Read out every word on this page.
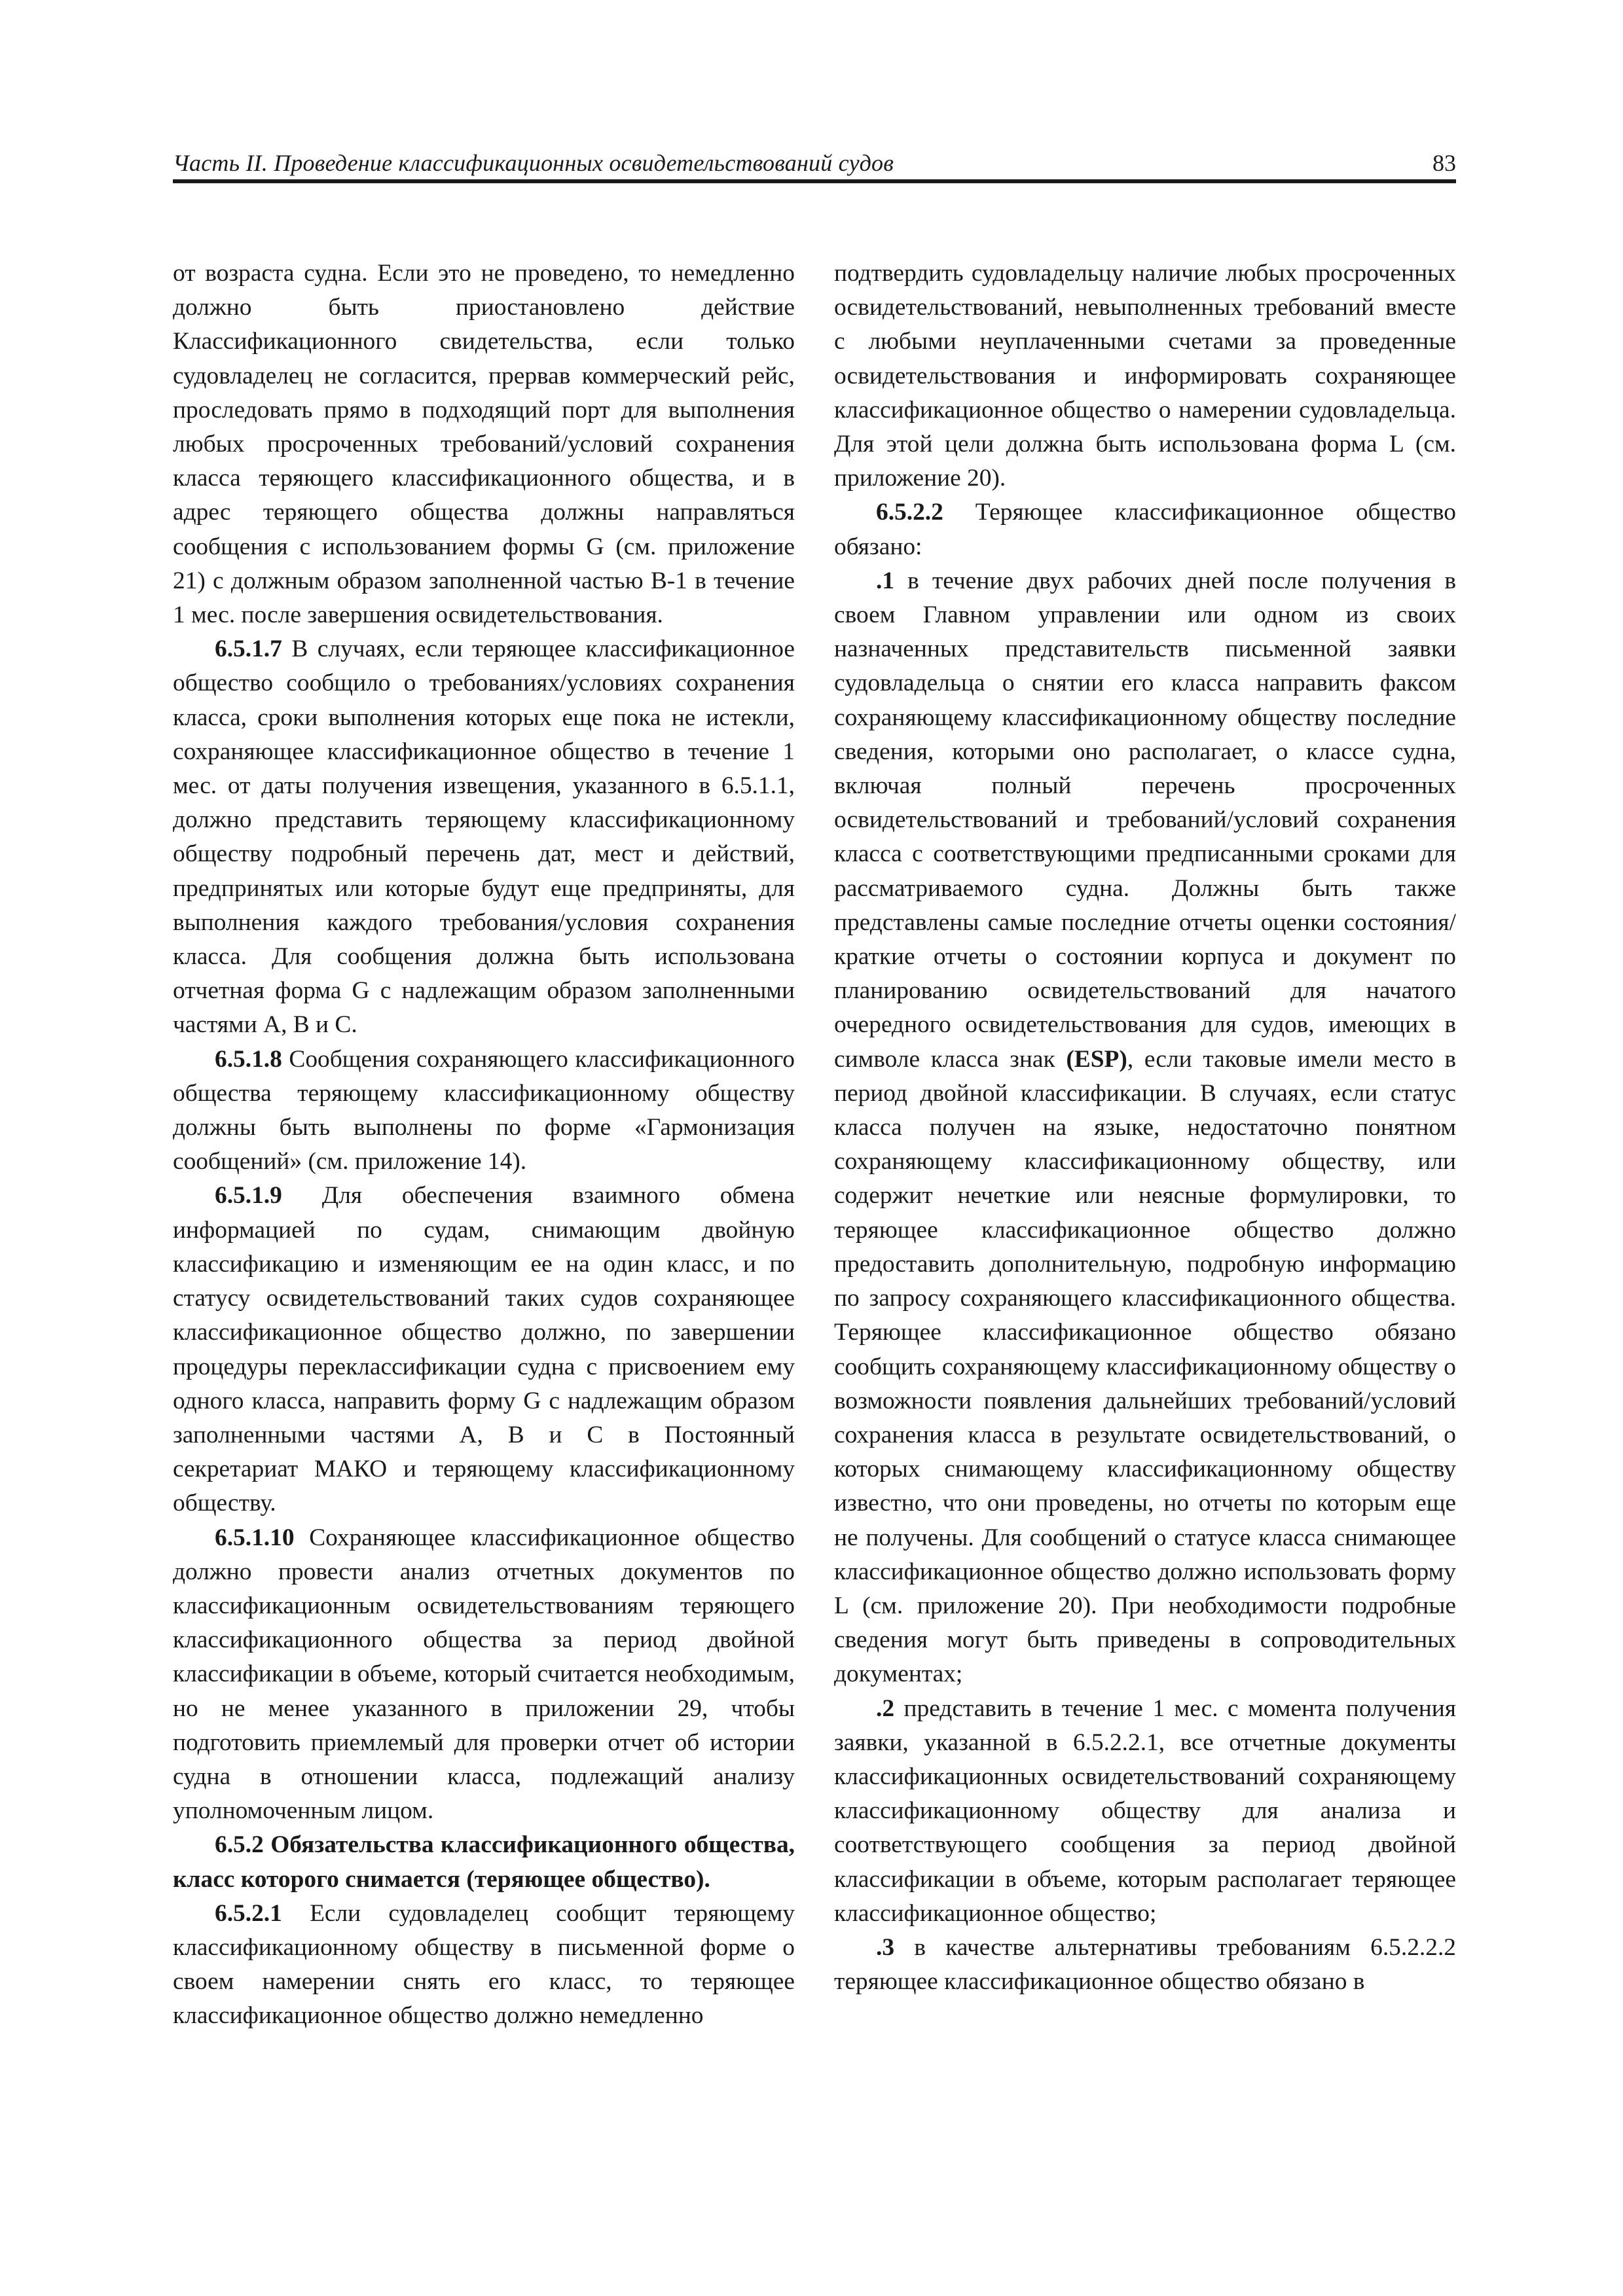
Часть II. Проведение классификационных освидетельствований судов	83

от возраста судна. Если это не проведено, то немедленно должно быть приостановлено действие Классификационного свидетельства, если только судовладелец не согласится, прервав коммерческий рейс, проследовать прямо в подходящий порт для выполнения любых просроченных требований/условий сохранения класса теряющего классификационного общества, и в адрес теряющего общества должны направляться сообщения с использованием формы G (см. приложение 21) с должным образом заполненной частью B-1 в течение 1 мес. после завершения освидетельствования.

6.5.1.7 В случаях, если теряющее классификационное общество сообщило о требованиях/условиях сохранения класса, сроки выполнения которых еще пока не истекли, сохраняющее классификационное общество в течение 1 мес. от даты получения извещения, указанного в 6.5.1.1, должно представить теряющему классификационному обществу подробный перечень дат, мест и действий, предпринятых или которые будут еще предприняты, для выполнения каждого требования/условия сохранения класса. Для сообщения должна быть использована отчетная форма G с надлежащим образом заполненными частями A, B и C.

6.5.1.8 Сообщения сохраняющего классификационного общества теряющему классификационному обществу должны быть выполнены по форме «Гармонизация сообщений» (см. приложение 14).

6.5.1.9 Для обеспечения взаимного обмена информацией по судам, снимающим двойную классификацию и изменяющим ее на один класс, и по статусу освидетельствований таких судов сохраняющее классификационное общество должно, по завершении процедуры переклассификации судна с присвоением ему одного класса, направить форму G с надлежащим образом заполненными частями A, B и C в Постоянный секретариат МАКО и теряющему классификационному обществу.

6.5.1.10 Сохраняющее классификационное общество должно провести анализ отчетных документов по классификационным освидетельствованиям теряющего классификационного общества за период двойной классификации в объеме, который считается необходимым, но не менее указанного в приложении 29, чтобы подготовить приемлемый для проверки отчет об истории судна в отношении класса, подлежащий анализу уполномоченным лицом.

6.5.2 Обязательства классификационного общества, класс которого снимается (теряющее общество).

6.5.2.1 Если судовладелец сообщит теряющему классификационному обществу в письменной форме о своем намерении снять его класс, то теряющее классификационное общество должно немедленно

подтвердить судовладельцу наличие любых просроченных освидетельствований, невыполненных требований вместе с любыми неуплаченными счетами за проведенные освидетельствования и информировать сохраняющее классификационное общество о намерении судовладельца. Для этой цели должна быть использована форма L (см. приложение 20).

6.5.2.2 Теряющее классификационное общество обязано:

.1 в течение двух рабочих дней после получения в своем Главном управлении или одном из своих назначенных представительств письменной заявки судовладельца о снятии его класса направить факсом сохраняющему классификационному обществу последние сведения, которыми оно располагает, о классе судна, включая полный перечень просроченных освидетельствований и требований/условий сохранения класса с соответствующими предписанными сроками для рассматриваемого судна. Должны быть также представлены самые последние отчеты оценки состояния/краткие отчеты о состоянии корпуса и документ по планированию освидетельствований для начатого очередного освидетельствования для судов, имеющих в символе класса знак (ESP), если таковые имели место в период двойной классификации. В случаях, если статус класса получен на языке, недостаточно понятном сохраняющему классификационному обществу, или содержит нечеткие или неясные формулировки, то теряющее классификационное общество должно предоставить дополнительную, подробную информацию по запросу сохраняющего классификационного общества. Теряющее классификационное общество обязано сообщить сохраняющему классификационному обществу о возможности появления дальнейших требований/условий сохранения класса в результате освидетельствований, о которых снимающему классификационному обществу известно, что они проведены, но отчеты по которым еще не получены. Для сообщений о статусе класса снимающее классификационное общество должно использовать форму L (см. приложение 20). При необходимости подробные сведения могут быть приведены в сопроводительных документах;

.2 представить в течение 1 мес. с момента получения заявки, указанной в 6.5.2.2.1, все отчетные документы классификационных освидетельствований сохраняющему классификационному обществу для анализа и соответствующего сообщения за период двойной классификации в объеме, которым располагает теряющее классификационное общество;

.3 в качестве альтернативы требованиям 6.5.2.2.2 теряющее классификационное общество обязано в
